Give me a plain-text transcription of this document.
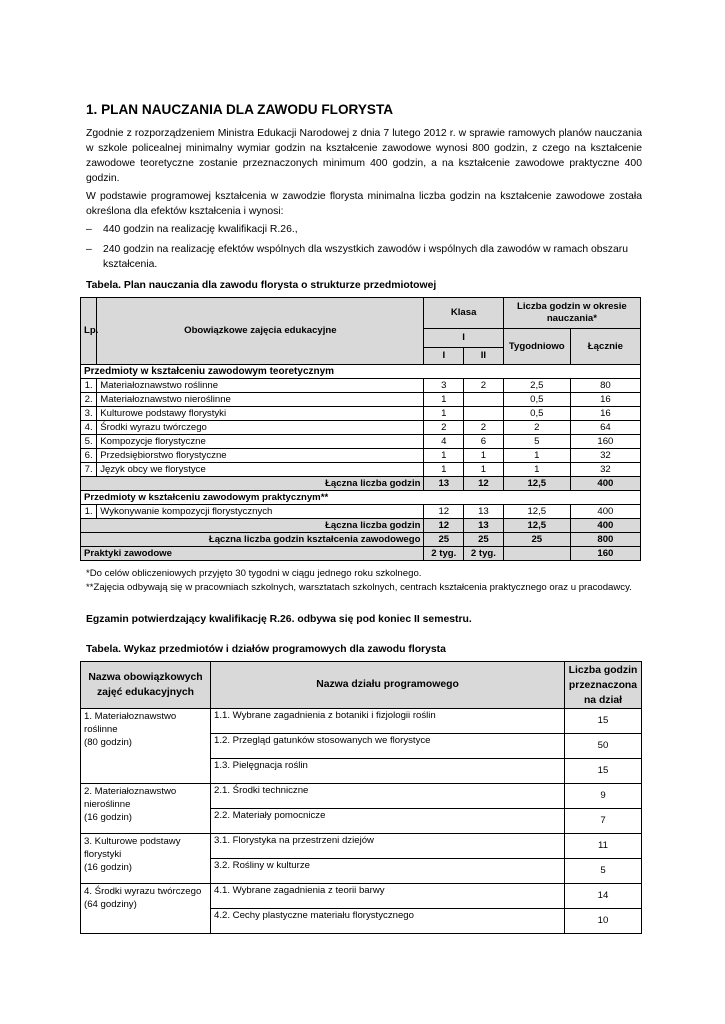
1. PLAN NAUCZANIA DLA ZAWODU FLORYSTA

Zgodnie z rozporządzeniem Ministra Edukacji Narodowej z dnia 7 lutego 2012 r. w sprawie ramowych planów nauczania w szkole policealnej minimalny wymiar godzin na kształcenie zawodowe wynosi 800 godzin, z czego na kształcenie zawodowe teoretyczne zostanie przeznaczonych minimum 400 godzin, a na kształcenie zawodowe praktyczne 400 godzin.

W podstawie programowej kształcenia w zawodzie florysta minimalna liczba godzin na kształcenie zawodowe została określona dla efektów kształcenia i wynosi:

– 440 godzin na realizację kwalifikacji R.26.,
– 240 godzin na realizację efektów wspólnych dla wszystkich zawodów i wspólnych dla zawodów w ramach obszaru kształcenia.
Tabela. Plan nauczania dla zawodu florysta o strukturze przedmiotowej
Lp.	Obowiązkowe zajęcia edukacyjne	Klasa		Liczba godzin w okresie nauczania*	
		I		Tygodniowo	Łącznie
		I	II		
Przedmioty w kształceniu zawodowym teoretycznym					
1.	Materiałoznawstwo roślinne	3	2	2,5	80
2.	Materiałoznawstwo nieroślinne	1		0,5	16
3.	Kulturowe podstawy florystyki	1		0,5	16
4.	Środki wyrazu twórczego	2	2	2	64
5.	Kompozycje florystyczne	4	6	5	160
6.	Przedsiębiorstwo florystyczne	1	1	1	32
7.	Język obcy we florystyce	1	1	1	32
Łączna liczba godzin		13	12	12,5	400
Przedmioty w kształceniu zawodowym praktycznym**					
1.	Wykonywanie kompozycji florystycznych	12	13	12,5	400
Łączna liczba godzin		12	13	12,5	400
Łączna liczba godzin kształcenia zawodowego		25	25	25	800
Praktyki zawodowe		2 tyg.	2 tyg.		160
*Do celów obliczeniowych przyjęto 30 tygodni w ciągu jednego roku szkolnego.
**Zajęcia odbywają się w pracowniach szkolnych, warsztatach szkolnych, centrach kształcenia praktycznego oraz u pracodawcy.
Egzamin potwierdzający kwalifikację R.26. odbywa się pod koniec II semestru.
Tabela. Wykaz przedmiotów i działów programowych dla zawodu florysta
Nazwa obowiązkowych zajęć edukacyjnych	Nazwa działu programowego	Liczba godzin przeznaczona na dział

1. Materiałoznawstwo roślinne
(80 godzin)	1.1. Wybrane zagadnienia z botaniki i fizjologii roślin	15
	1.2. Przegląd gatunków stosowanych we florystyce	50
	1.3. Pielęgnacja roślin	15

2. Materiałoznawstwo nieroślinne
(16 godzin)	2.1. Środki techniczne	9
	2.2. Materiały pomocnicze	7

3. Kulturowe podstawy florystyki
(16 godzin)	3.1. Florystyka na przestrzeni dziejów	11
	3.2. Rośliny w kulturze	5

4. Środki wyrazu twórczego
(64 godziny)	4.1. Wybrane zagadnienia z teorii barwy	14
	4.2. Cechy plastyczne materiału florystycznego	10
